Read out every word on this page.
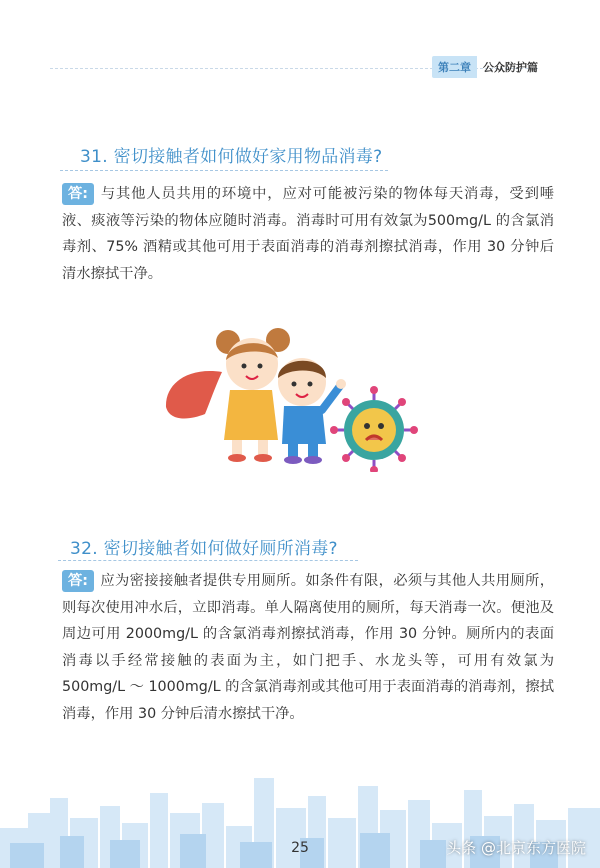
第二章	公众防护篇
31. 密切接触者如何做好家用物品消毒?
答: 与其他人员共用的环境中，应对可能被污染的物体每天消毒，受到唾液、痰液等污染的物体应随时消毒。消毒时可用有效氯为500mg/L 的含氯消毒剂、75% 酒精或其他可用于表面消毒的消毒剂擦拭消毒，作用 30 分钟后清水擦拭干净。
32. 密切接触者如何做好厕所消毒?
答: 应为密接接触者提供专用厕所。如条件有限，必须与其他人共用厕所，则每次使用冲水后，立即消毒。单人隔离使用的厕所，每天消毒一次。便池及周边可用 2000mg/L 的含氯消毒剂擦拭消毒，作用 30 分钟。厕所内的表面消毒以手经常接触的表面为主，如门把手、水龙头等，可用有效氯为 500mg/L ～ 1000mg/L 的含氯消毒剂或其他可用于表面消毒的消毒剂，擦拭消毒，作用 30 分钟后清水擦拭干净。
25	头条 @北京东方医院
